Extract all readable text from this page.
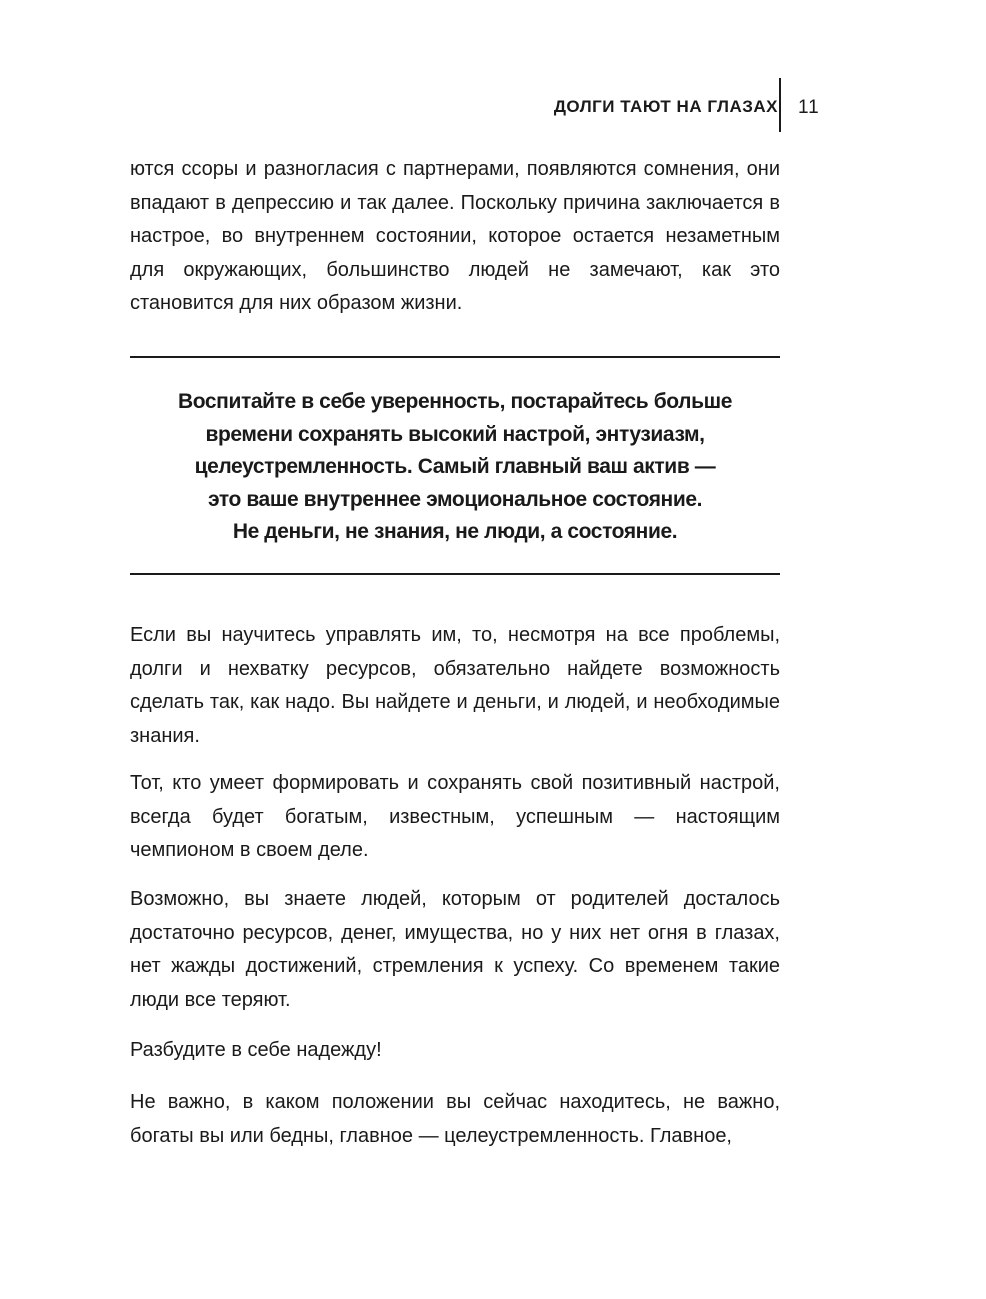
ДОЛГИ ТАЮТ НА ГЛАЗАХ 11

ются ссоры и разногласия с партнерами, появляются сомнения, они впадают в депрессию и так далее. Поскольку причина заключается в настрое, во внутреннем состоянии, которое остается незаметным для окружающих, большинство людей не замечают, как это становится для них образом жизни.

Воспитайте в себе уверенность, постарайтесь больше
времени сохранять высокий настрой, энтузиазм,
целеустремленность. Самый главный ваш актив —
это ваше внутреннее эмоциональное состояние.
Не деньги, не знания, не люди, а состояние.

Если вы научитесь управлять им, то, несмотря на все проблемы, долги и нехватку ресурсов, обязательно найдете возможность сделать так, как надо. Вы найдете и деньги, и людей, и необходимые знания.

Тот, кто умеет формировать и сохранять свой позитивный настрой, всегда будет богатым, известным, успешным — настоящим чемпионом в своем деле.

Возможно, вы знаете людей, которым от родителей досталось достаточно ресурсов, денег, имущества, но у них нет огня в глазах, нет жажды достижений, стремления к успеху. Со временем такие люди все теряют.

Разбудите в себе надежду!

Не важно, в каком положении вы сейчас находитесь, не важно, богаты вы или бедны, главное — целеустремленность. Главное,
